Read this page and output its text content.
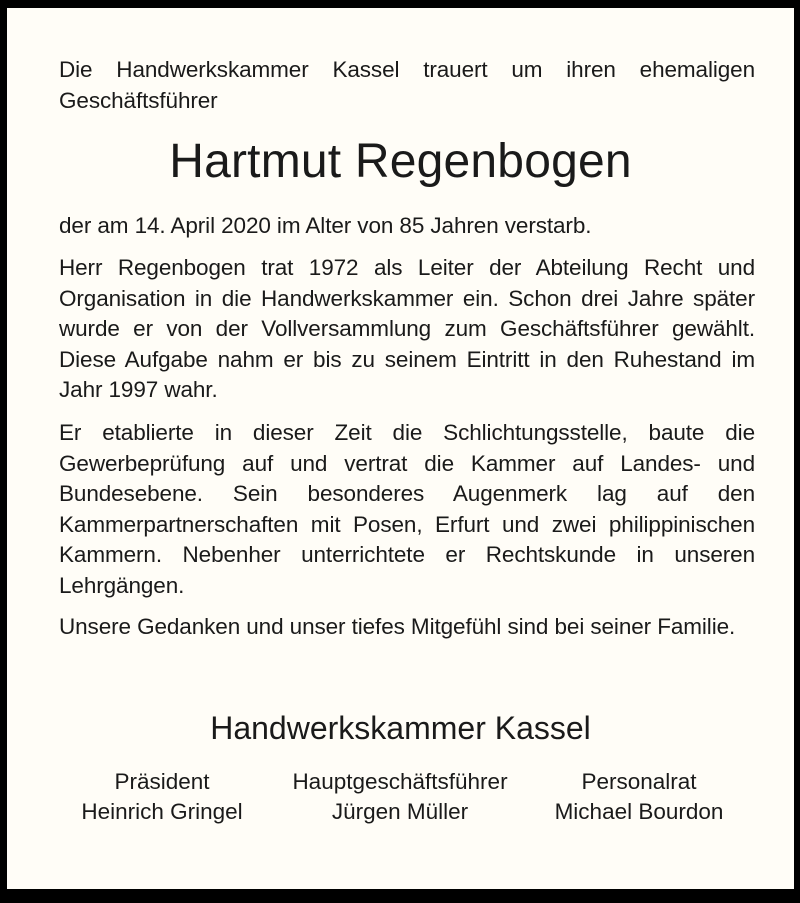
Die Handwerkskammer Kassel trauert um ihren ehemaligen Geschäftsführer
Hartmut Regenbogen
der am 14. April 2020 im Alter von 85 Jahren verstarb.
Herr Regenbogen trat 1972 als Leiter der Abteilung Recht und Organisation in die Handwerkskammer ein. Schon drei Jahre später wurde er von der Vollversammlung zum Geschäftsführer gewählt. Diese Aufgabe nahm er bis zu seinem Eintritt in den Ruhestand im Jahr 1997 wahr.
Er etablierte in dieser Zeit die Schlichtungsstelle, baute die Gewerbeprüfung auf und vertrat die Kammer auf Landes- und Bundesebene. Sein besonderes Augenmerk lag auf den Kammerpartnerschaften mit Posen, Erfurt und zwei philippinischen Kammern. Nebenher unterrichtete er Rechtskunde in unseren Lehrgängen.
Unsere Gedanken und unser tiefes Mitgefühl sind bei seiner Familie.
Handwerkskammer Kassel
Präsident
Heinrich Gringel
Hauptgeschäftsführer
Jürgen Müller
Personalrat
Michael Bourdon
